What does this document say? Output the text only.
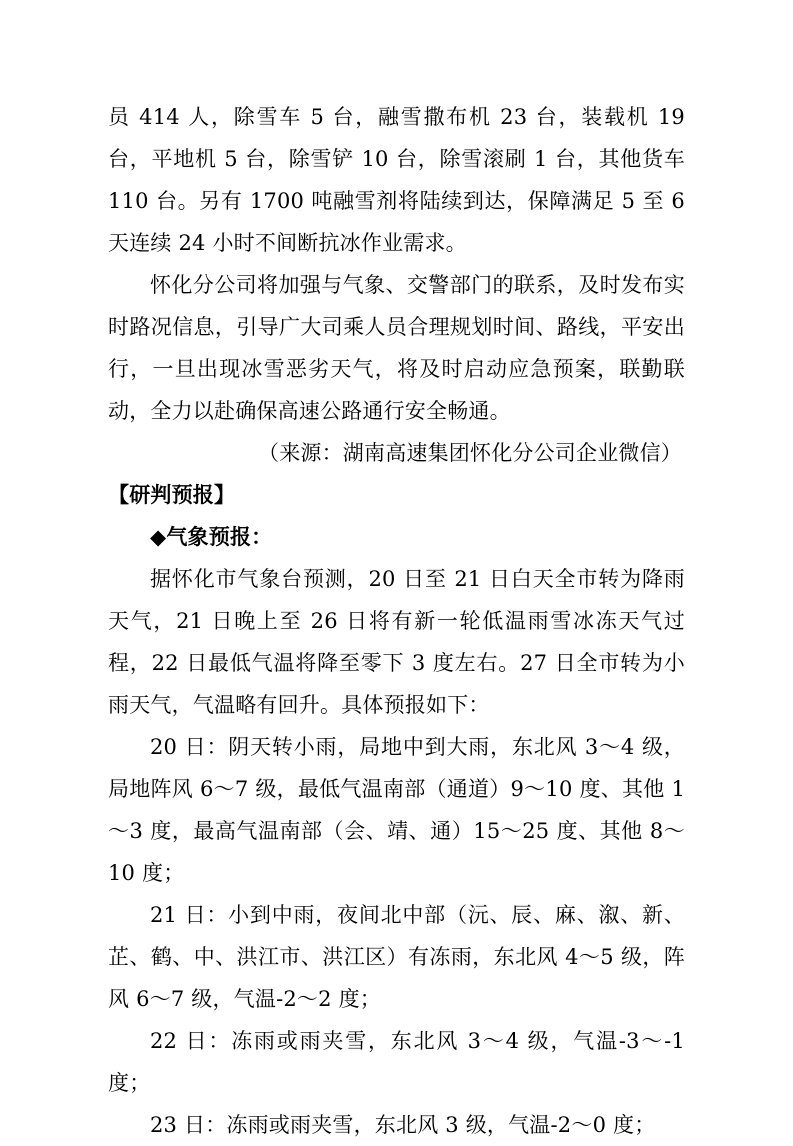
员 414 人，除雪车 5 台，融雪撒布机 23 台，装载机 19 台，平地机 5 台，除雪铲 10 台，除雪滚刷 1 台，其他货车 110 台。另有 1700 吨融雪剂将陆续到达，保障满足 5 至 6 天连续 24 小时不间断抗冰作业需求。

怀化分公司将加强与气象、交警部门的联系，及时发布实时路况信息，引导广大司乘人员合理规划时间、路线，平安出行，一旦出现冰雪恶劣天气，将及时启动应急预案，联勤联动，全力以赴确保高速公路通行安全畅通。

（来源：湖南高速集团怀化分公司企业微信）

【研判预报】

◆气象预报：

据怀化市气象台预测，20 日至 21 日白天全市转为降雨天气，21 日晚上至 26 日将有新一轮低温雨雪冰冻天气过程，22 日最低气温将降至零下 3 度左右。27 日全市转为小雨天气，气温略有回升。具体预报如下：

20 日：阴天转小雨，局地中到大雨，东北风 3～4 级，局地阵风 6～7 级，最低气温南部（通道）9～10 度、其他 1～3 度，最高气温南部（会、靖、通）15～25 度、其他 8～10 度；

21 日：小到中雨，夜间北中部（沅、辰、麻、溆、新、芷、鹤、中、洪江市、洪江区）有冻雨，东北风 4～5 级，阵风 6～7 级，气温-2～2 度；

22 日：冻雨或雨夹雪，东北风 3～4 级，气温-3～-1 度；

23 日：冻雨或雨夹雪，东北风 3 级，气温-2～0 度；
